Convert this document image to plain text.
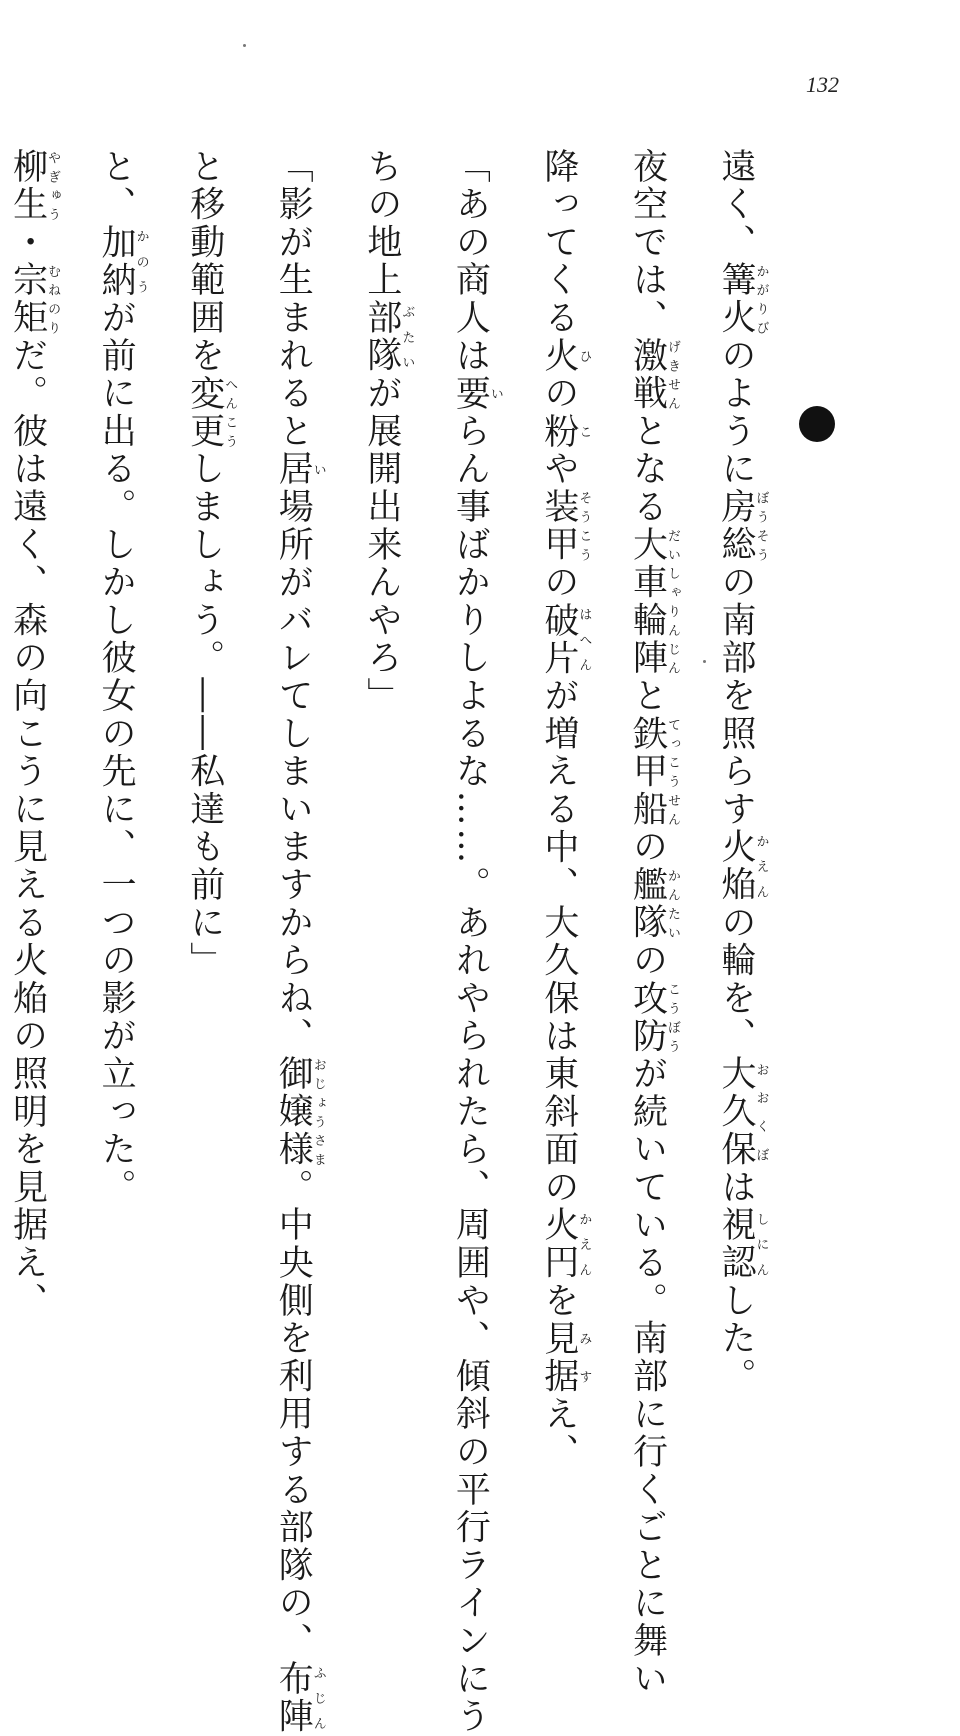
132
遠く、篝火かがりびのように房総ぼうそうの南部を照らす火焔かえんの輪を、大久保おおくぼは視認しにんした。
夜空では、激戦げきせんとなる大車輪陣だいしゃりんじんと鉄甲船てっこうせんの艦隊かんたいの攻防こうぼうが続いている。南部に行くごとに舞い
降ってくる火ひの粉こや装甲そうこうの破片はへんが増える中、大久保は東斜面の火円かえんを見据みすえ、
「あの商人は要いらん事ばかりしよるな……。あれやられたら、周囲や、傾斜の平行ラインにう
ちの地上部隊ぶたいが展開出来んやろ」
「影が生まれると居い場所がバレてしまいますからね、御嬢様おじょうさま。中央側を利用する部隊の、布陣ふじん
と移動範囲を変更へんこうしましょう。――私達も前に」
と、加納かのうが前に出る。しかし彼女の先に、一つの影が立った。
柳生やぎゅう・宗矩むねのりだ。彼は遠く、森の向こうに見える火焔の照明を見据え、
